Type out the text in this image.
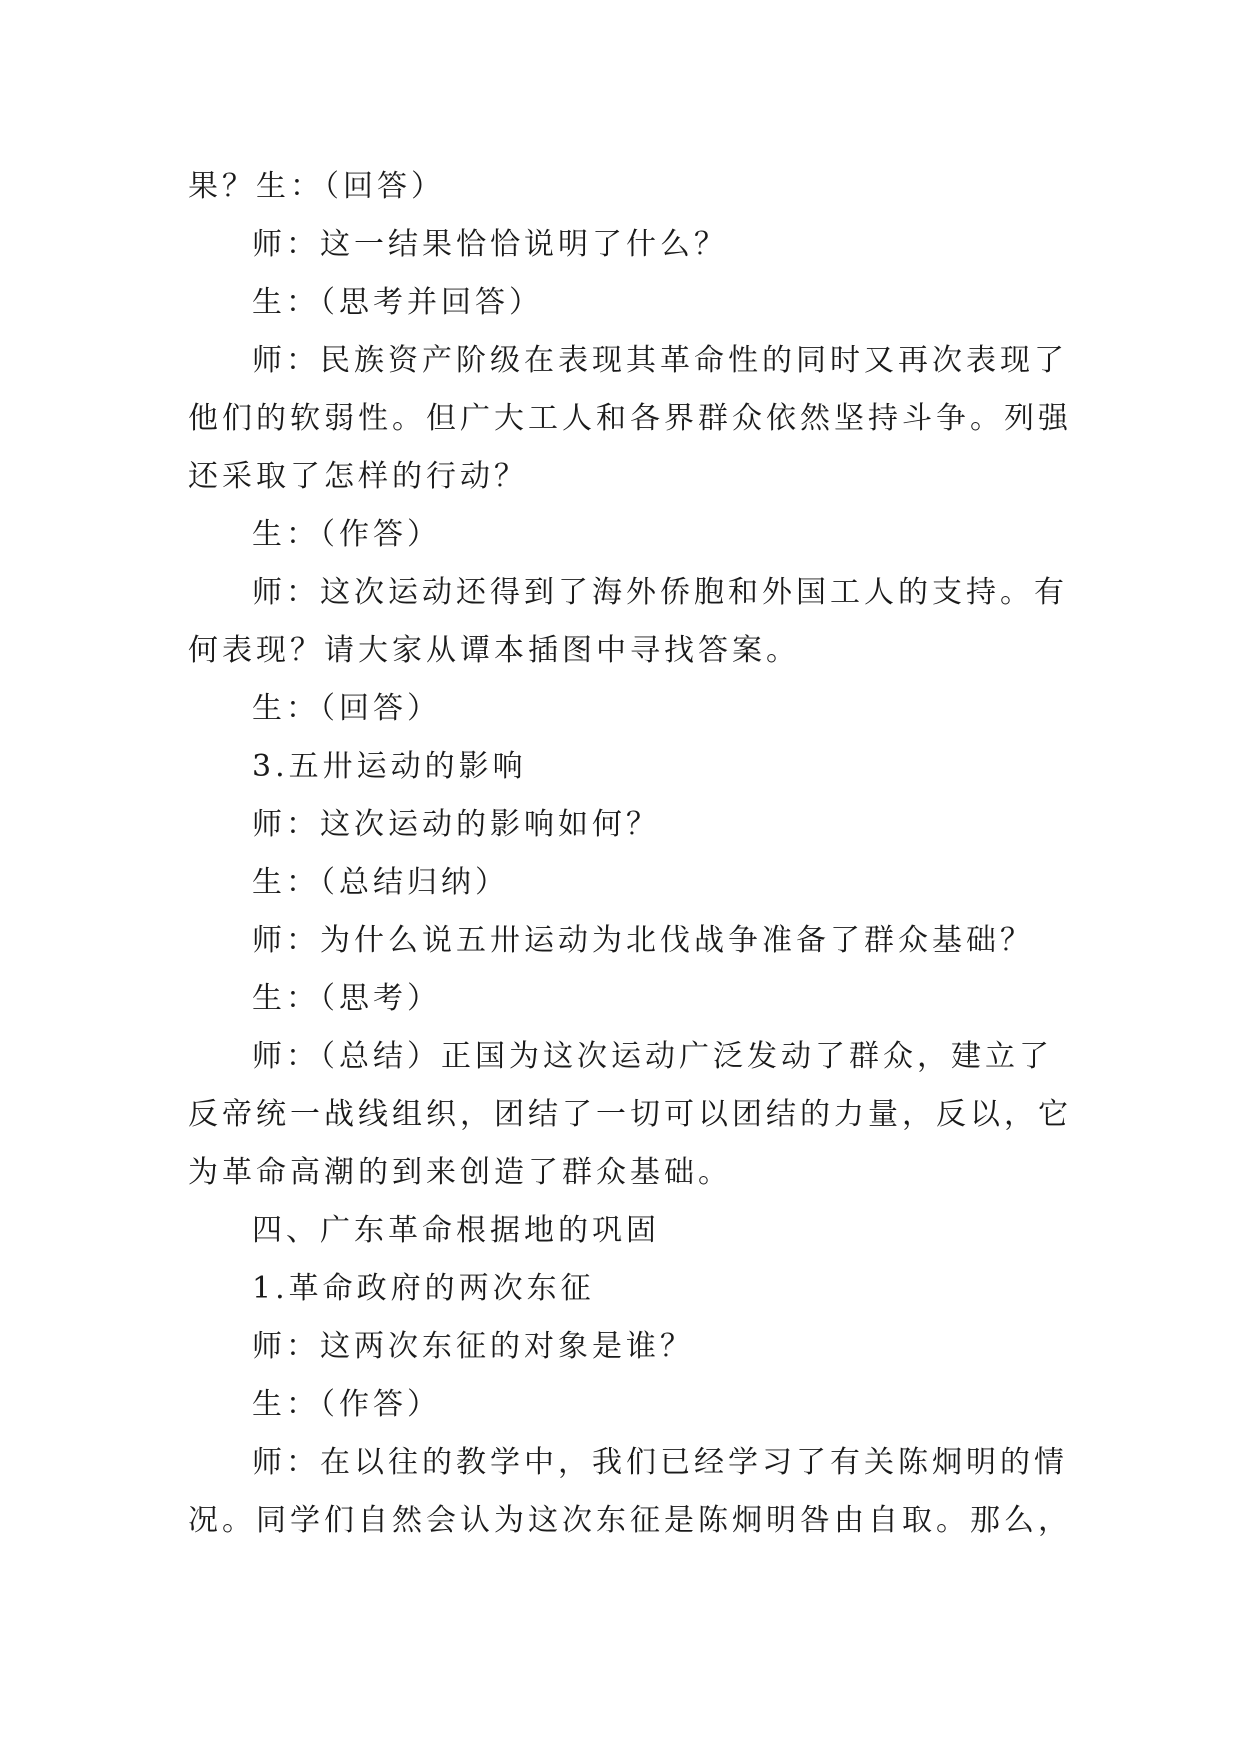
果？生：（回答）
师：这一结果恰恰说明了什么？
生：（思考并回答）
师：民族资产阶级在表现其革命性的同时又再次表现了
他们的软弱性。但广大工人和各界群众依然坚持斗争。列强
还采取了怎样的行动？
生：（作答）
师：这次运动还得到了海外侨胞和外国工人的支持。有
何表现？请大家从谭本插图中寻找答案。
生：（回答）
3.五卅运动的影响
师：这次运动的影响如何？
生：（总结归纳）
师：为什么说五卅运动为北伐战争准备了群众基础？
生：（思考）
师：（总结）正国为这次运动广泛发动了群众，建立了
反帝统一战线组织，团结了一切可以团结的力量，反以，它
为革命高潮的到来创造了群众基础。
四、广东革命根据地的巩固
1.革命政府的两次东征
师：这两次东征的对象是谁？
生：（作答）
师：在以往的教学中，我们已经学习了有关陈炯明的情
况。同学们自然会认为这次东征是陈炯明咎由自取。那么，
